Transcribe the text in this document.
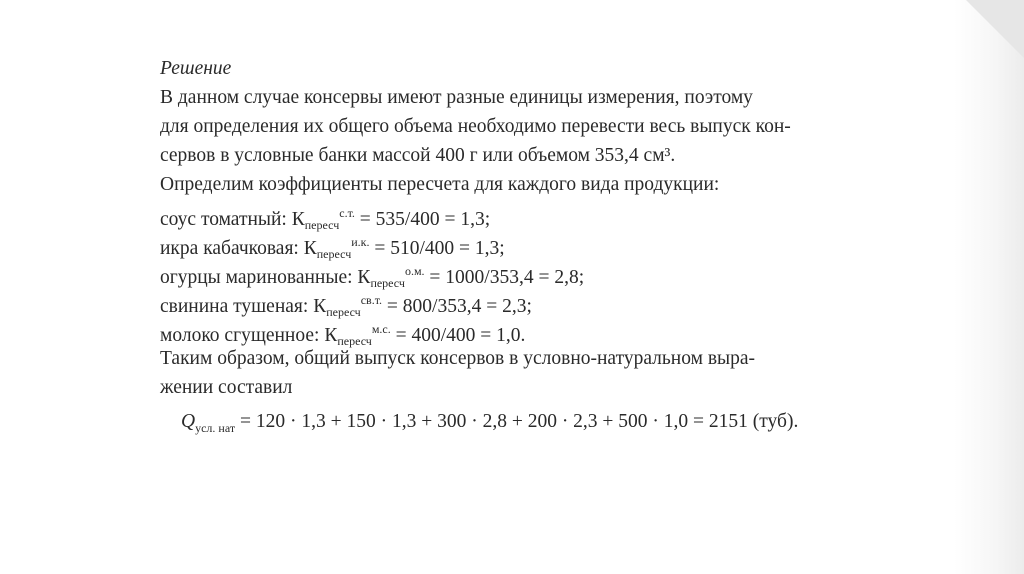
Решение

В данном случае консервы имеют разные единицы измерения, поэтому
для определения их общего объема необходимо перевести весь выпуск кон-
сервов в условные банки массой 400 г или объемом 353,4 см³.

Определим коэффициенты пересчета для каждого вида продукции:

соус томатный: $К_{пересч}^{с.т.} = 535/400 = 1,3$;
икра кабачковая: $К_{пересч}^{и.к.} = 510/400 = 1,3$;
огурцы маринованные: $К_{пересч}^{о.м.} = 1000/353,4 = 2,8$;
свинина тушеная: $К_{пересч}^{св.т.} = 800/353,4 = 2,3$;
молоко сгущенное: $К_{пересч}^{м.с.} = 400/400 = 1,0$.

Таким образом, общий выпуск консервов в условно-натуральном выра-
жении составил

$Q_{усл. нат} = 120 \cdot 1,3 + 150 \cdot 1,3 + 300 \cdot 2,8 + 200 \cdot 2,3 + 500 \cdot 1,0 = 2151$ (туб).
